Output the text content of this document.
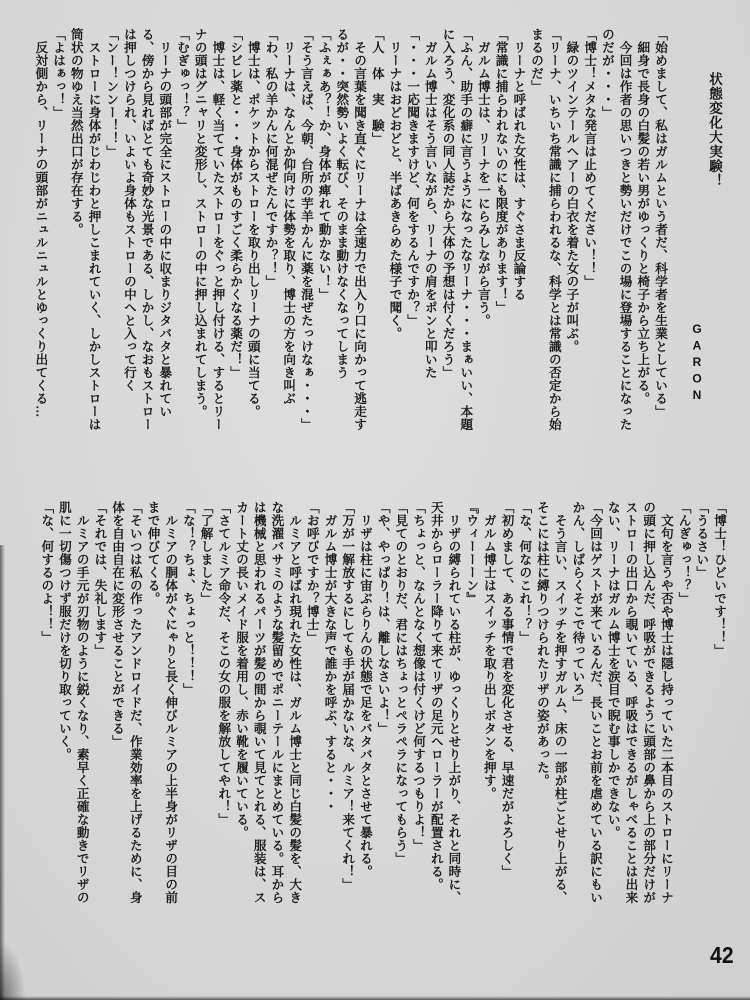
状態変化大実験！
GARON

「始めまして、私はガルムという者だ、科学者を生業としている」

細身で長身の白髪の若い男がゆっくりと椅子から立ち上がる。

今回は作者の思いつきと勢いだけでこの場に登場することになったのだが・・・」

「博士！メタな発言は止めてください！！」

緑のツインテールヘアーの白衣を着た女の子が叫ぶ。

「リーナ、いちいち常識に捕らわれるな、科学とは常識の否定から始まるのだ」

リーナと呼ばれた女性は、すぐさま反論する

「常識に捕らわれないのにも限度があります！」

ガルム博士は、リーナを一にらみしながら言う。

「ふん、助手の癖に言うようになったなリーナ・・・まぁいい、本題に入ろう、変化系の同人誌だから大体の予想は付くだろう」

ガルム博士はそう言いながら、リーナの肩をポンと叩いた

「・・・一応聞きますけど、何をするんですか？」

リーナはおどおどと、半ばあきらめた様子で聞く。

「人　体　実　験」

その言葉を聞き直ぐにリーナは全速力で出入り口に向かって逃走するが・・突然勢いよく転び、そのまま動けなくなってしまう

「ふぇぁあ？！か、身体が痺れて動かない！」

「そう言えば、今朝、台所の芋羊かんに薬を混ぜたっけなぁ・・・」

リーナは、なんとか仰向けに体勢を取り、博士の方を向き叫ぶ

「わ、私の羊かんに何混ぜたんですか？！」

博士は、ポケットからストローを取り出しリーナの頭に当てる。

「シビレ薬と・・・身体がものすごく柔らかくなる薬だ！」

博士は、軽く当てていたストローをぐっと押し付ける、するとリーナの頭はグニャリと変形し、ストローの中に押し込まれてしまう。

「むぎゅっ！？」

リーナの頭部が完全にストローの中に収まりジタバタと暴れている、傍から見ればとても奇妙な光景である、しかし、なおもストローは押しつけられ、いよいよ身体もストローの中へと入って行く

「ンー！ンンー！！」

ストローに身体がじわじわと押しこまれていく、しかしストローは筒状の物ゆえ当然出口が存在する。

「よはぁっ！」

反対側から、リーナの頭部がニュルニュルとゆっくり出てくる…

「博士！ひどいです！！」

「うるさい」

「んぎゅっ！？」

文句を言うや否や博士は隠し持っていた二本目のストローにリーナの頭に押し込んだ、呼吸ができるように頭部の鼻から上の部分だけがストローの出口から覗いている、呼吸はできるがしゃべることは出来ない、リーナはガルム博士を涙目で睨む事しかできない。

「今回はゲストが来ているんだ、長いことお前を虐めている訳にもいかん、しばらくそこで待っていろ」

そう言い、スイッチを押すガルム、床の一部が柱ごとせり上がる、そこには柱に縛りつけられたリザの姿があった。

「な、何なのこれ！？」

「初めまして、ある事情で君を変化させる、早速だがよろしく」

ガルム博士はスイッチを取り出しボタンを押す。

『ウィーーーン』

リザの縛られている柱が、ゆっくりとせり上がり、それと同時に、天井からローラー降りて来てリザの足元へローラーが配置される。

「ちょっと、なんとなく想像は付くけど何するつもりよ！」

「見てのとおりだ、君にはちょっとペラペラになってもらう」

「や、やっぱり！は、離しなさいよ！」

リザは柱に宙ぶらりんの状態で足をバタバタとさせて暴れる。

「万が一解放するにしても手が届かないな、ルミア！来てくれ！」

ガルム博士が大きな声で誰かを呼ぶ、すると・・・

「お呼びですか？博士」

ルミアと呼ばれ現れた女性は、ガルム博士と同じ白髪の髪を、大きな洗濯バサミのような髪留めでポニーテールにまとめている。耳からは機械と思われるパーツが髪の間から覗いて見てとれる、服装は、スカート丈の長いメイド服を着用し、赤い靴を履いている。

「さてルミア命令だ、そこの女の服を解放してやれ！」

「了解しました」

「な！？ちょ、ちょっと！！！」

ルミアの胴体がぐにゃりと長く伸びルミアの上半身がリザの目の前まで伸びてくる。

「そいつは私の作ったアンドロイドだ、作業効率を上げるために、身体を自由自在に変形させることができる」

「それでは、失礼します」

ルミアの手元が刃物のように鋭くなり、素早く正確な動きでリザの肌に一切傷つけず服だけを切り取っていく。

「な、何するのよ！！」

42
